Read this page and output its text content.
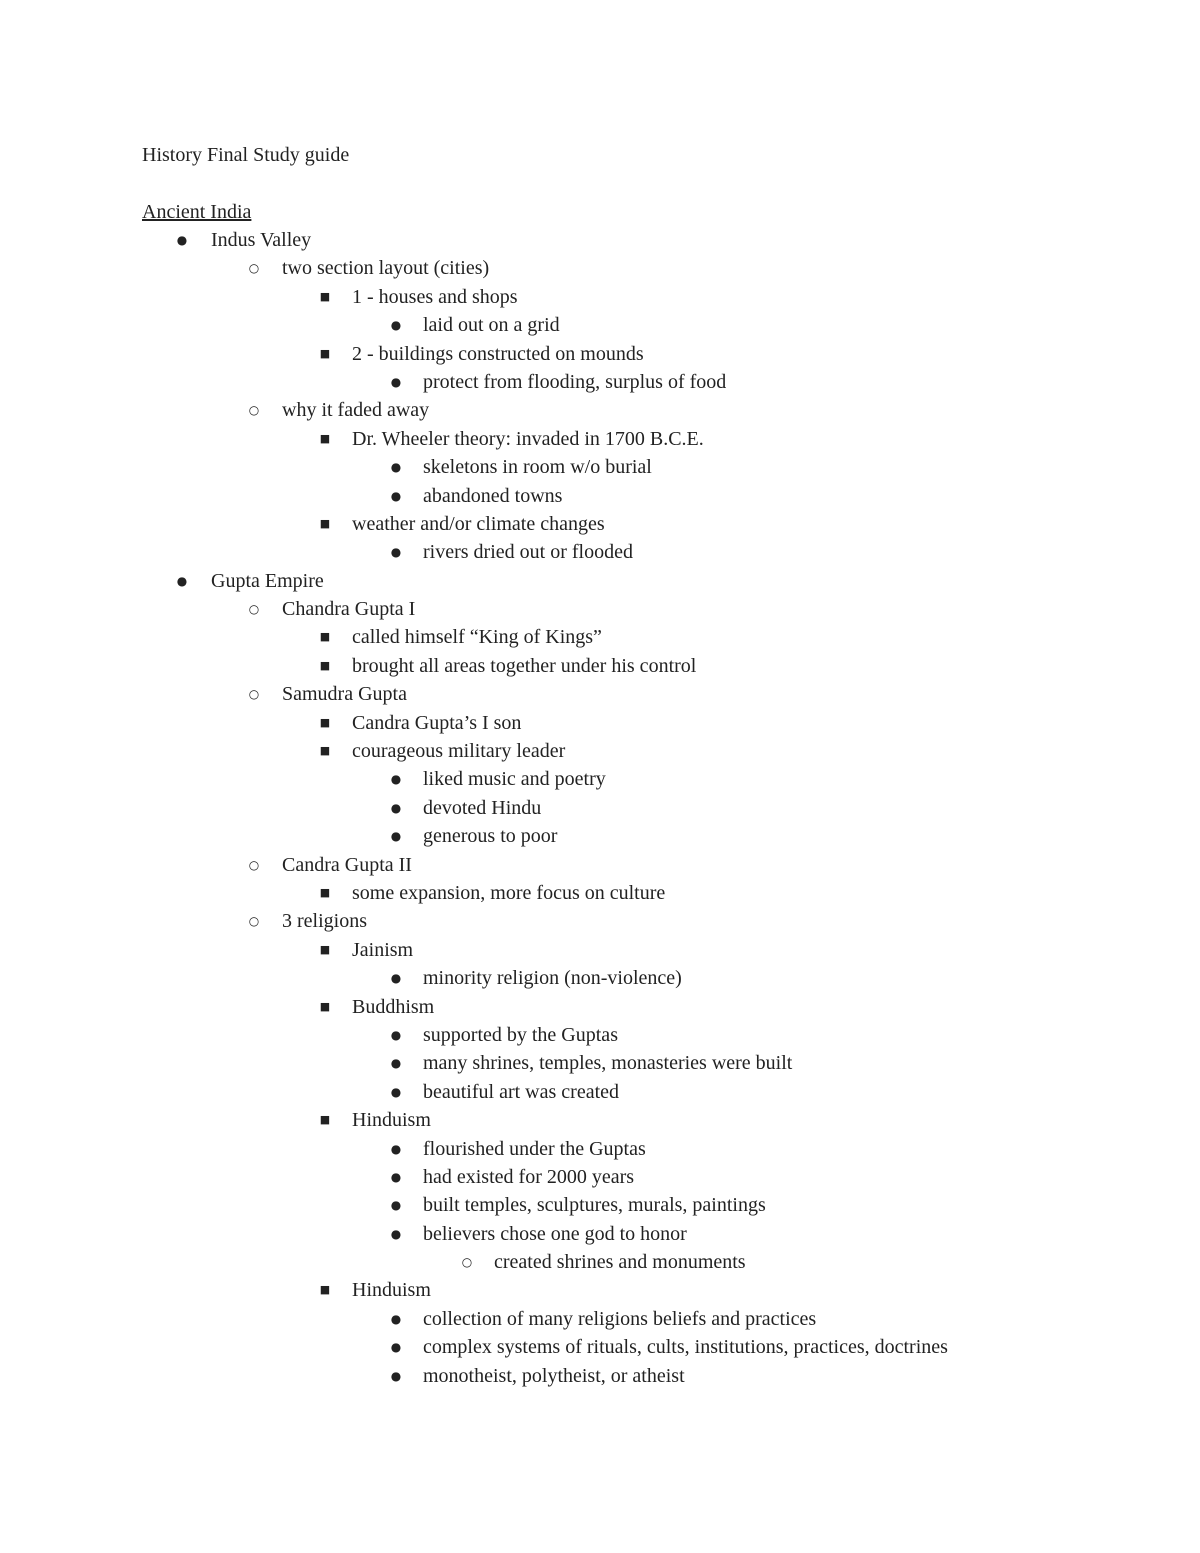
History Final Study guide
Ancient India
● Indus Valley
○ two section layout (cities)
■ 1 - houses and shops
● laid out on a grid
■ 2 - buildings constructed on mounds
● protect from flooding, surplus of food
○ why it faded away
■ Dr. Wheeler theory: invaded in 1700 B.C.E.
● skeletons in room w/o burial
● abandoned towns
■ weather and/or climate changes
● rivers dried out or flooded
● Gupta Empire
○ Chandra Gupta I
■ called himself “King of Kings”
■ brought all areas together under his control
○ Samudra Gupta
■ Candra Gupta’s I son
■ courageous military leader
● liked music and poetry
● devoted Hindu
● generous to poor
○ Candra Gupta II
■ some expansion, more focus on culture
○ 3 religions
■ Jainism
● minority religion (non-violence)
■ Buddhism
● supported by the Guptas
● many shrines, temples, monasteries were built
● beautiful art was created
■ Hinduism
● flourished under the Guptas
● had existed for 2000 years
● built temples, sculptures, murals, paintings
● believers chose one god to honor
○ created shrines and monuments
■ Hinduism
● collection of many religions beliefs and practices
● complex systems of rituals, cults, institutions, practices, doctrines
● monotheist, polytheist, or atheist
